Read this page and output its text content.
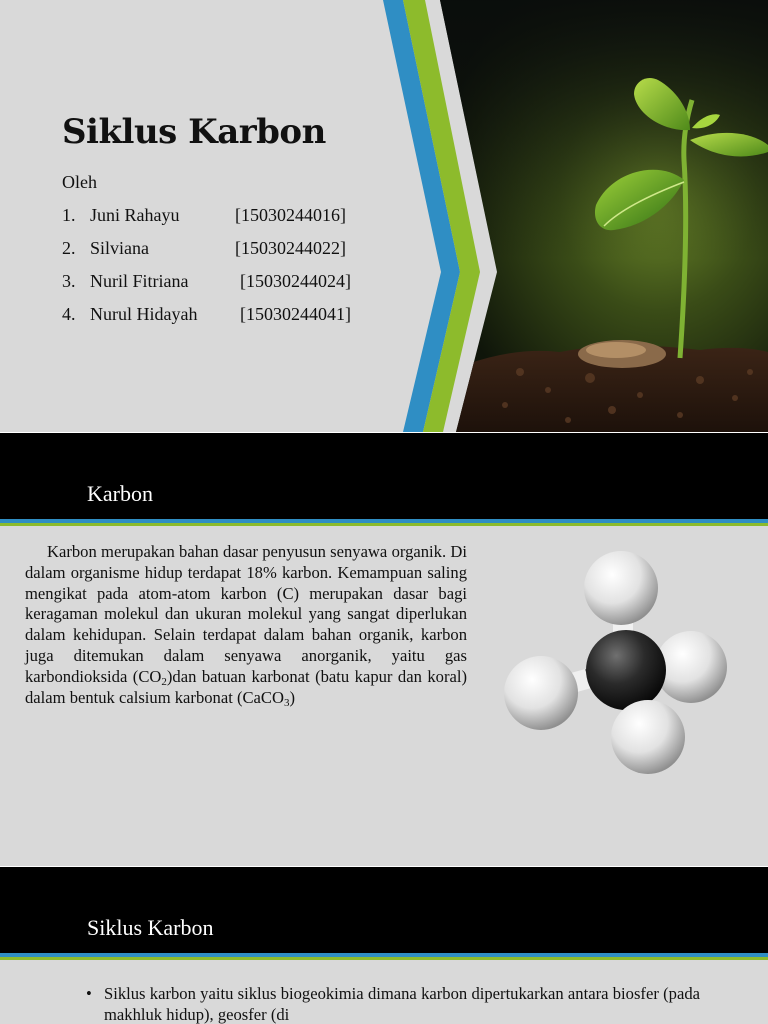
Siklus Karbon
Oleh
1. Juni Rahayu	[15030244016]
2. Silviana	[15030244022]
3. Nuril Fitriana	[15030244024]
4. Nurul Hidayah [15030244041]
Karbon

Karbon merupakan bahan dasar penyusun senyawa organik. Di dalam organisme hidup terdapat 18% karbon. Kemampuan saling mengikat pada atom-atom karbon (C) merupakan dasar bagi keragaman molekul dan ukuran molekul yang sangat diperlukan dalam kehidupan. Selain terdapat dalam bahan organik, karbon juga ditemukan dalam senyawa anorganik, yaitu gas karbondioksida $(CO_2)dan$ batuan karbonat (batu kapur dan koral) dalam bentuk calsium karbonat (CaCO$_3$)

Siklus Karbon

• Siklus karbon yaitu siklus biogeokimia dimana karbon dipertukarkan antara biosfer (pada makhluk hidup), geosfer (di
